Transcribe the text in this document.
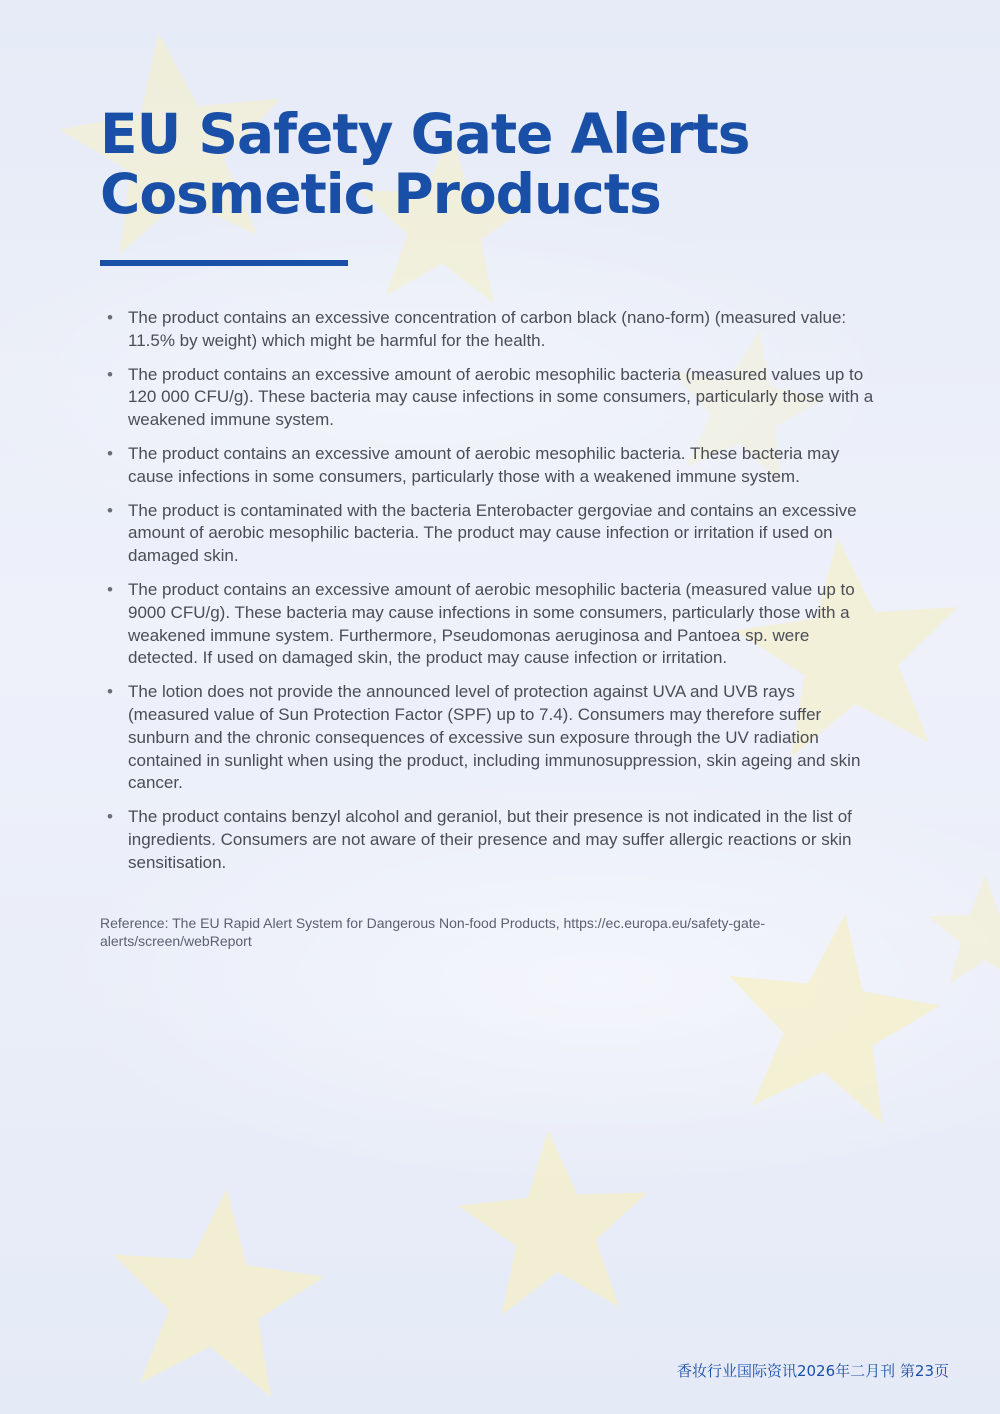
EU Safety Gate Alerts
Cosmetic Products
• The product contains an excessive concentration of carbon black (nano-form) (measured value: 11.5% by weight) which might be harmful for the health.
• The product contains an excessive amount of aerobic mesophilic bacteria (measured values up to 120 000 CFU/g). These bacteria may cause infections in some consumers, particularly those with a weakened immune system.
• The product contains an excessive amount of aerobic mesophilic bacteria. These bacteria may cause infections in some consumers, particularly those with a weakened immune system.
• The product is contaminated with the bacteria Enterobacter gergoviae and contains an excessive amount of aerobic mesophilic bacteria. The product may cause infection or irritation if used on damaged skin.
• The product contains an excessive amount of aerobic mesophilic bacteria (measured value up to 9000 CFU/g). These bacteria may cause infections in some consumers, particularly those with a weakened immune system. Furthermore, Pseudomonas aeruginosa and Pantoea sp. were detected. If used on damaged skin, the product may cause infection or irritation.
• The lotion does not provide the announced level of protection against UVA and UVB rays (measured value of Sun Protection Factor (SPF) up to 7.4). Consumers may therefore suffer sunburn and the chronic consequences of excessive sun exposure through the UV radiation contained in sunlight when using the product, including immunosuppression, skin ageing and skin cancer.
• The product contains benzyl alcohol and geraniol, but their presence is not indicated in the list of ingredients. Consumers are not aware of their presence and may suffer allergic reactions or skin sensitisation.

Reference: The EU Rapid Alert System for Dangerous Non-food Products, https://ec.europa.eu/safety-gate-alerts/screen/webReport

香妆行业国际资讯2026年二月刊 第23页
